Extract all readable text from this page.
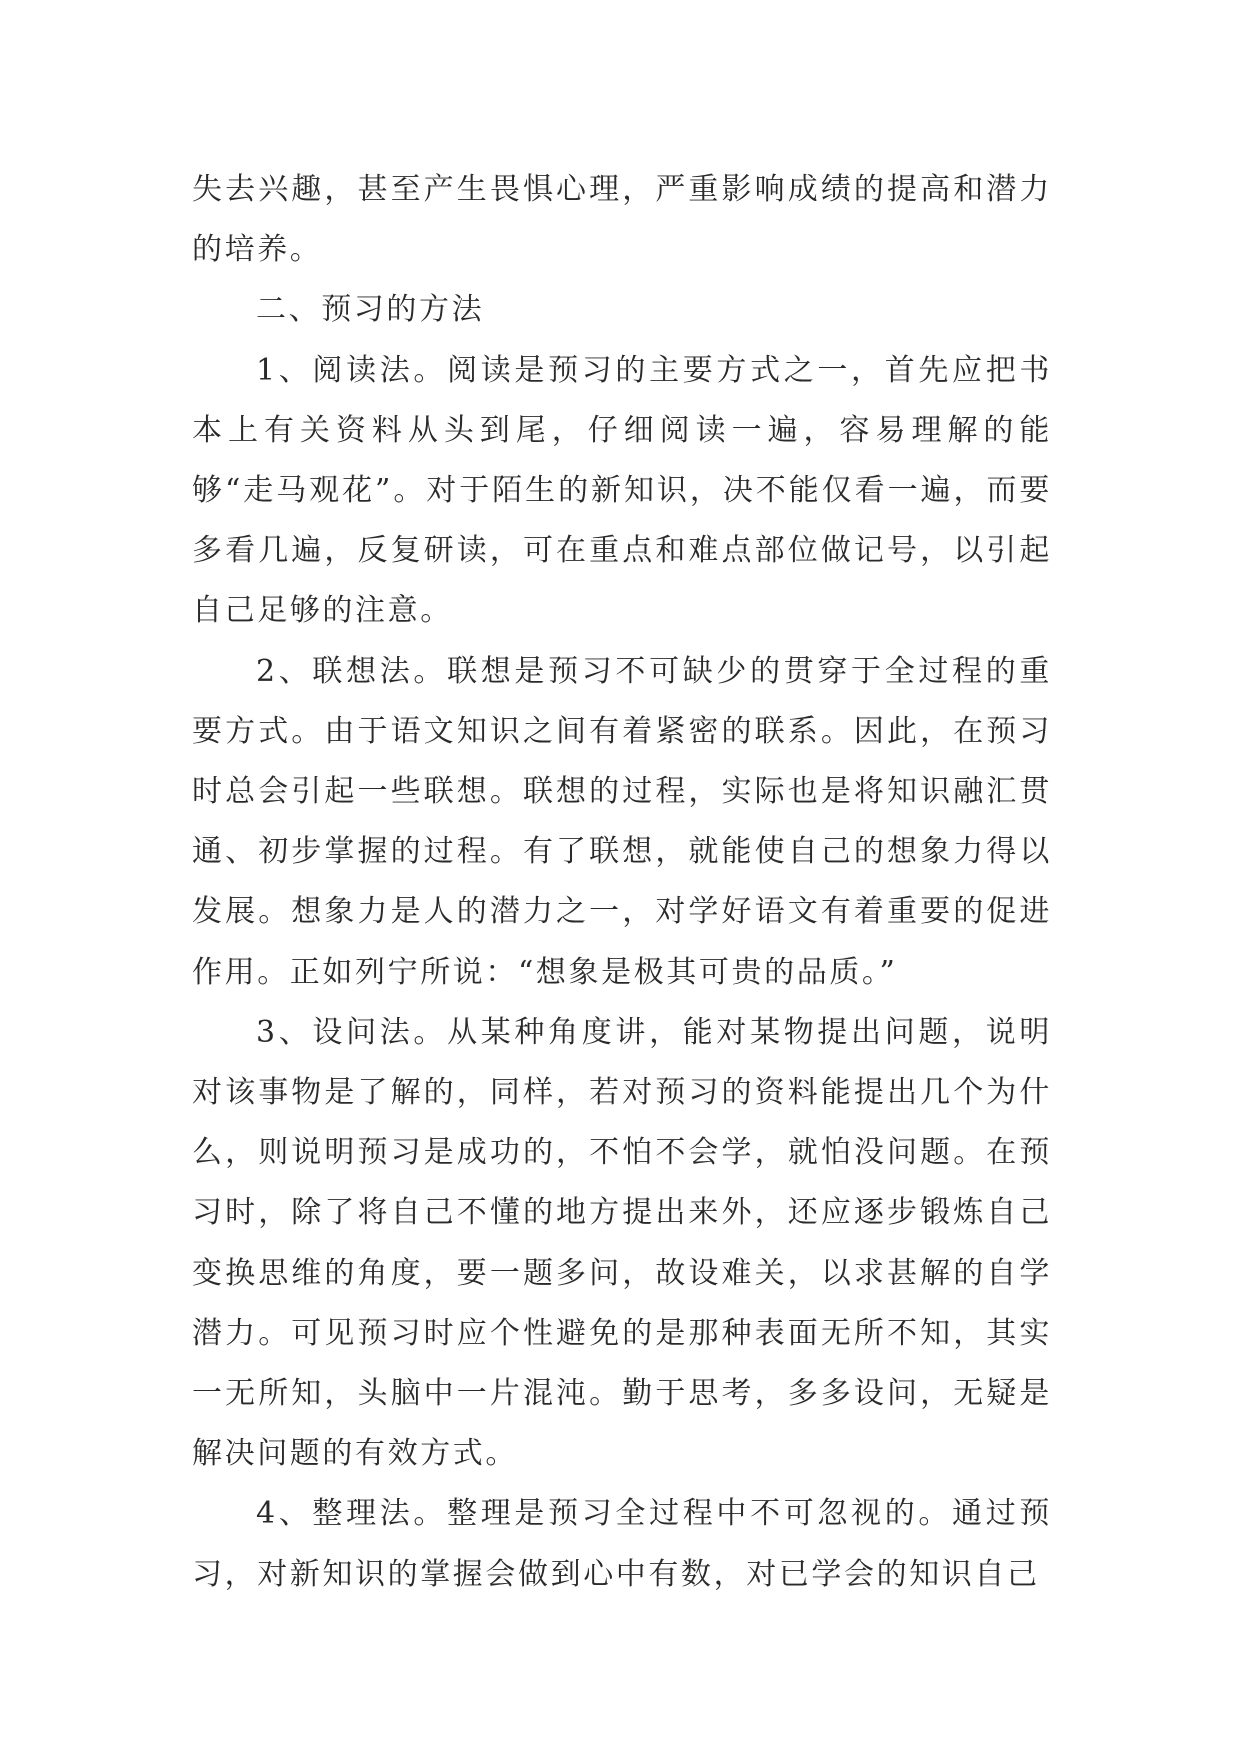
失去兴趣，甚至产生畏惧心理，严重影响成绩的提高和潜力的培养。

二、预习的方法

1、阅读法。阅读是预习的主要方式之一，首先应把书本上有关资料从头到尾，仔细阅读一遍，容易理解的能够“走马观花”。对于陌生的新知识，决不能仅看一遍，而要多看几遍，反复研读，可在重点和难点部位做记号，以引起自己足够的注意。

2、联想法。联想是预习不可缺少的贯穿于全过程的重要方式。由于语文知识之间有着紧密的联系。因此，在预习时总会引起一些联想。联想的过程，实际也是将知识融汇贯通、初步掌握的过程。有了联想，就能使自己的想象力得以发展。想象力是人的潜力之一，对学好语文有着重要的促进作用。正如列宁所说：“想象是极其可贵的品质。”

3、设问法。从某种角度讲，能对某物提出问题，说明对该事物是了解的，同样，若对预习的资料能提出几个为什么，则说明预习是成功的，不怕不会学，就怕没问题。在预习时，除了将自己不懂的地方提出来外，还应逐步锻炼自己变换思维的角度，要一题多问，故设难关，以求甚解的自学潜力。可见预习时应个性避免的是那种表面无所不知，其实一无所知，头脑中一片混沌。勤于思考，多多设问，无疑是解决问题的有效方式。

4、整理法。整理是预习全过程中不可忽视的。通过预习，对新知识的掌握会做到心中有数，对已学会的知识自己
